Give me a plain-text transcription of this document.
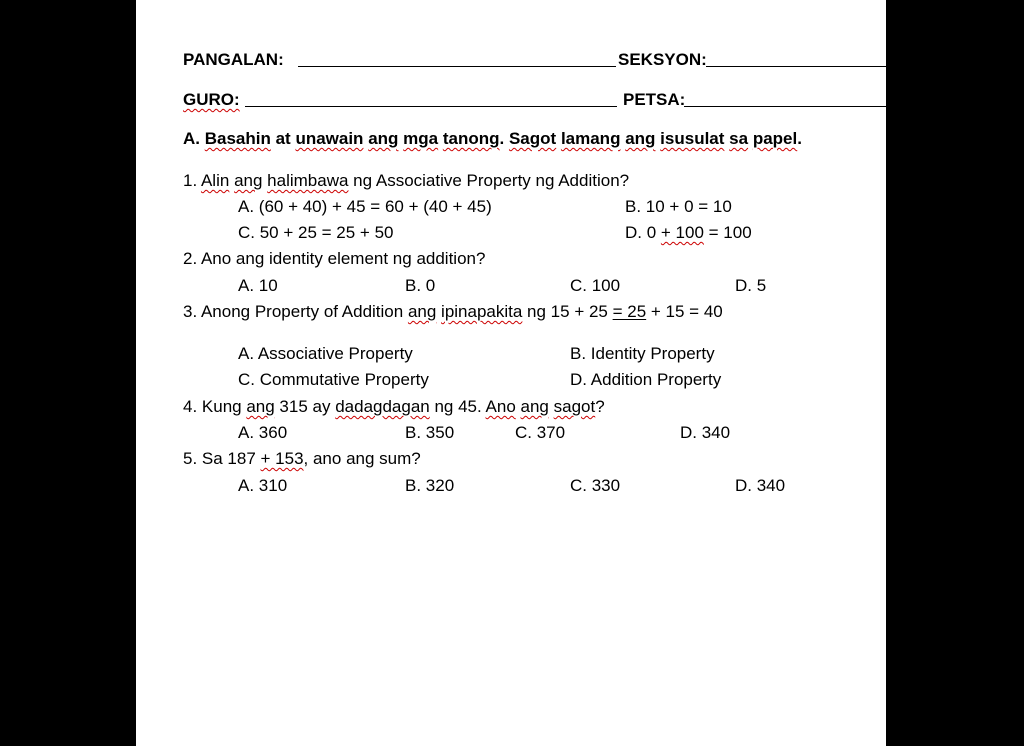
PANGALAN:	SEKSYON:
GURO:	PETSA:
A. Basahin at unawain ang mga tanong. Sagot lamang ang isusulat sa papel.
1. Alin ang halimbawa ng Associative Property ng Addition?
A. (60 + 40) + 45 = 60 + (40 + 45)	B. 10 + 0 = 10
C. 50 + 25 = 25 + 50	D. 0 + 100 = 100
2. Ano ang identity element ng addition?
A. 10	B. 0	C. 100	D. 5
3. Anong Property of Addition ang ipinapakita ng 15 + 25 = 25 + 15 = 40
A. Associative Property	B. Identity Property
C. Commutative Property	D. Addition Property
4. Kung ang 315 ay dadagdagan ng 45. Ano ang sagot?
A. 360	B. 350	C. 370	D. 340
5. Sa 187 + 153, ano ang sum?
A. 310	B. 320	C. 330	D. 340
